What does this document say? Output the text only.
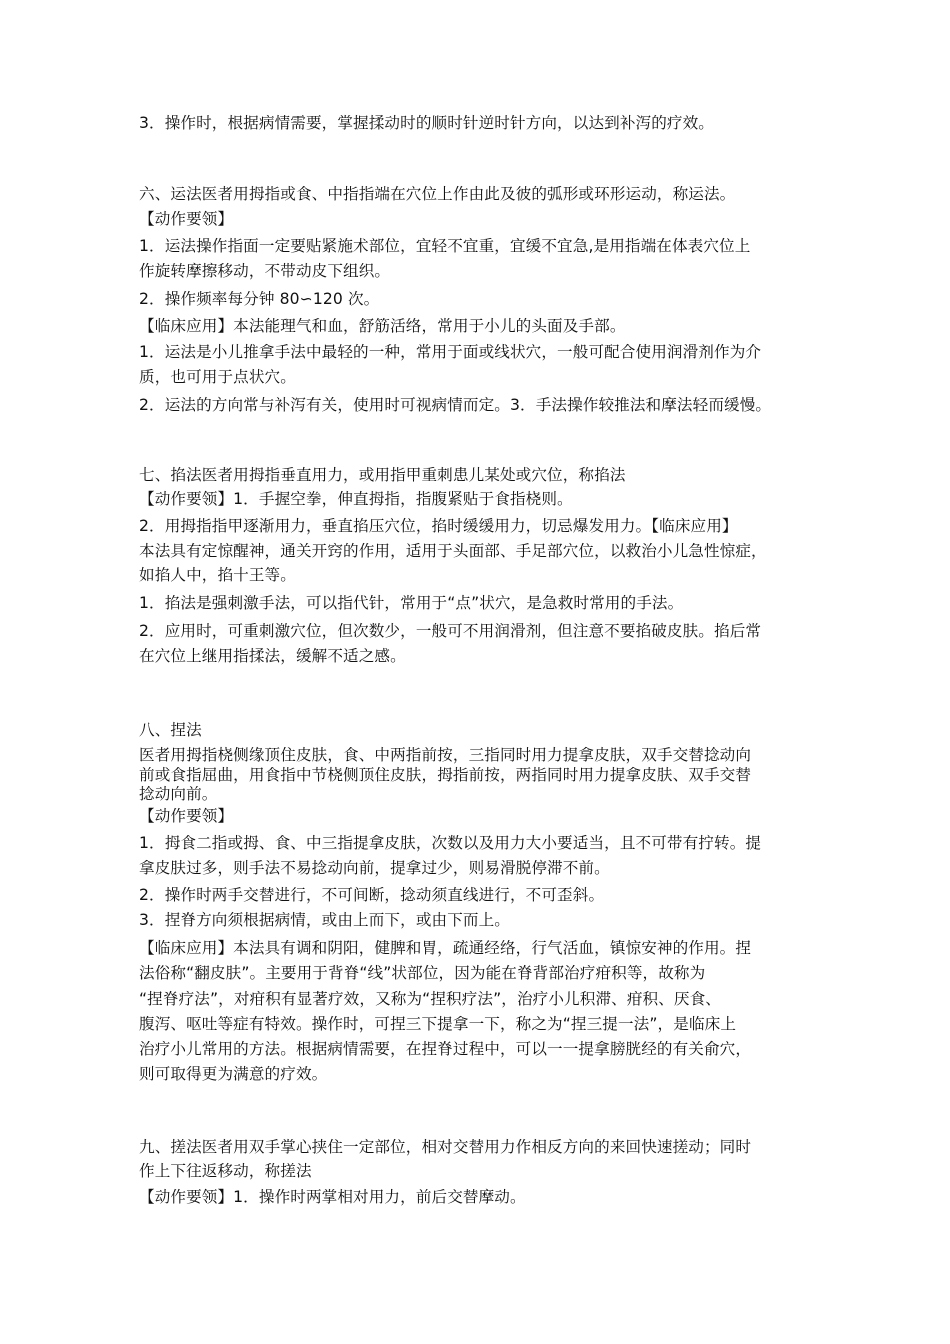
3．操作时，根据病情需要，掌握揉动时的顺时针逆时针方向，以达到补泻的疗效。

六、运法医者用拇指或食、中指指端在穴位上作由此及彼的弧形或环形运动，称运法。

【动作要领】

1．运法操作指面一定要贴紧施术部位，宜轻不宜重，宜缓不宜急,是用指端在体表穴位上

作旋转摩擦移动，不带动皮下组织。

2．操作频率每分钟 80∽120 次。

【临床应用】本法能理气和血，舒筋活络，常用于小儿的头面及手部。

1．运法是小儿推拿手法中最轻的一种，常用于面或线状穴，一般可配合使用润滑剂作为介

质，也可用于点状穴。

2．运法的方向常与补泻有关，使用时可视病情而定。3．手法操作较推法和摩法轻而缓慢。

七、掐法医者用拇指垂直用力，或用指甲重刺患儿某处或穴位，称掐法

【动作要领】1．手握空拳，伸直拇指，指腹紧贴于食指桡则。

2．用拇指指甲逐渐用力，垂直掐压穴位，掐时缓缓用力，切忌爆发用力。【临床应用】

本法具有定惊醒神，通关开窍的作用，适用于头面部、手足部穴位，以救治小儿急性惊症，

如掐人中，掐十王等。

1．掐法是强刺激手法，可以指代针，常用于“点”状穴，是急救时常用的手法。

2．应用时，可重刺激穴位，但次数少，一般可不用润滑剂，但注意不要掐破皮肤。掐后常

在穴位上继用指揉法，缓解不适之感。

八、捏法

医者用拇指桡侧缘顶住皮肤，食、中两指前按，三指同时用力提拿皮肤，双手交替捻动向

前或食指屈曲，用食指中节桡侧顶住皮肤，拇指前按，两指同时用力提拿皮肤、双手交替

捻动向前。

【动作要领】

1．拇食二指或拇、食、中三指提拿皮肤，次数以及用力大小要适当，且不可带有拧转。提

拿皮肤过多，则手法不易捻动向前，提拿过少，则易滑脱停滞不前。

2．操作时两手交替进行，不可间断，捻动须直线进行，不可歪斜。

3．捏脊方向须根据病情，或由上而下，或由下而上。

【临床应用】本法具有调和阴阳，健脾和胃，疏通经络，行气活血，镇惊安神的作用。捏

法俗称“翻皮肤”。主要用于背脊“线”状部位，因为能在脊背部治疗疳积等，故称为

“捏脊疗法”，对疳积有显著疗效，又称为“捏积疗法”，治疗小儿积滞、疳积、厌食、

腹泻、呕吐等症有特效。操作时，可捏三下提拿一下，称之为“捏三提一法”，是临床上

治疗小儿常用的方法。根据病情需要，在捏脊过程中，可以一一提拿膀胱经的有关俞穴，

则可取得更为满意的疗效。

九、搓法医者用双手掌心挟住一定部位，相对交替用力作相反方向的来回快速搓动；同时

作上下往返移动，称搓法

【动作要领】1．操作时两掌相对用力，前后交替摩动。
